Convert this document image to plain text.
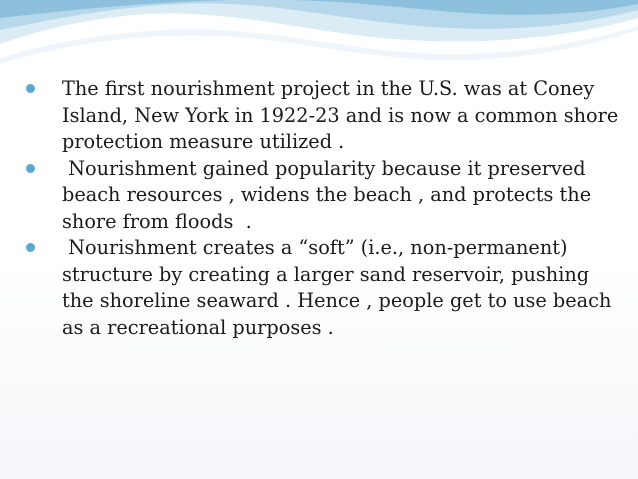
The first nourishment project in the U.S. was at Coney Island, New York in 1922-23 and is now a common shore protection measure utilized .
Nourishment gained popularity because it preserved beach resources , widens the beach , and protects the shore from floods  .
Nourishment creates a “soft” (i.e., non-permanent) structure by creating a larger sand reservoir, pushing the shoreline seaward . Hence , people get to use beach as a recreational purposes .
